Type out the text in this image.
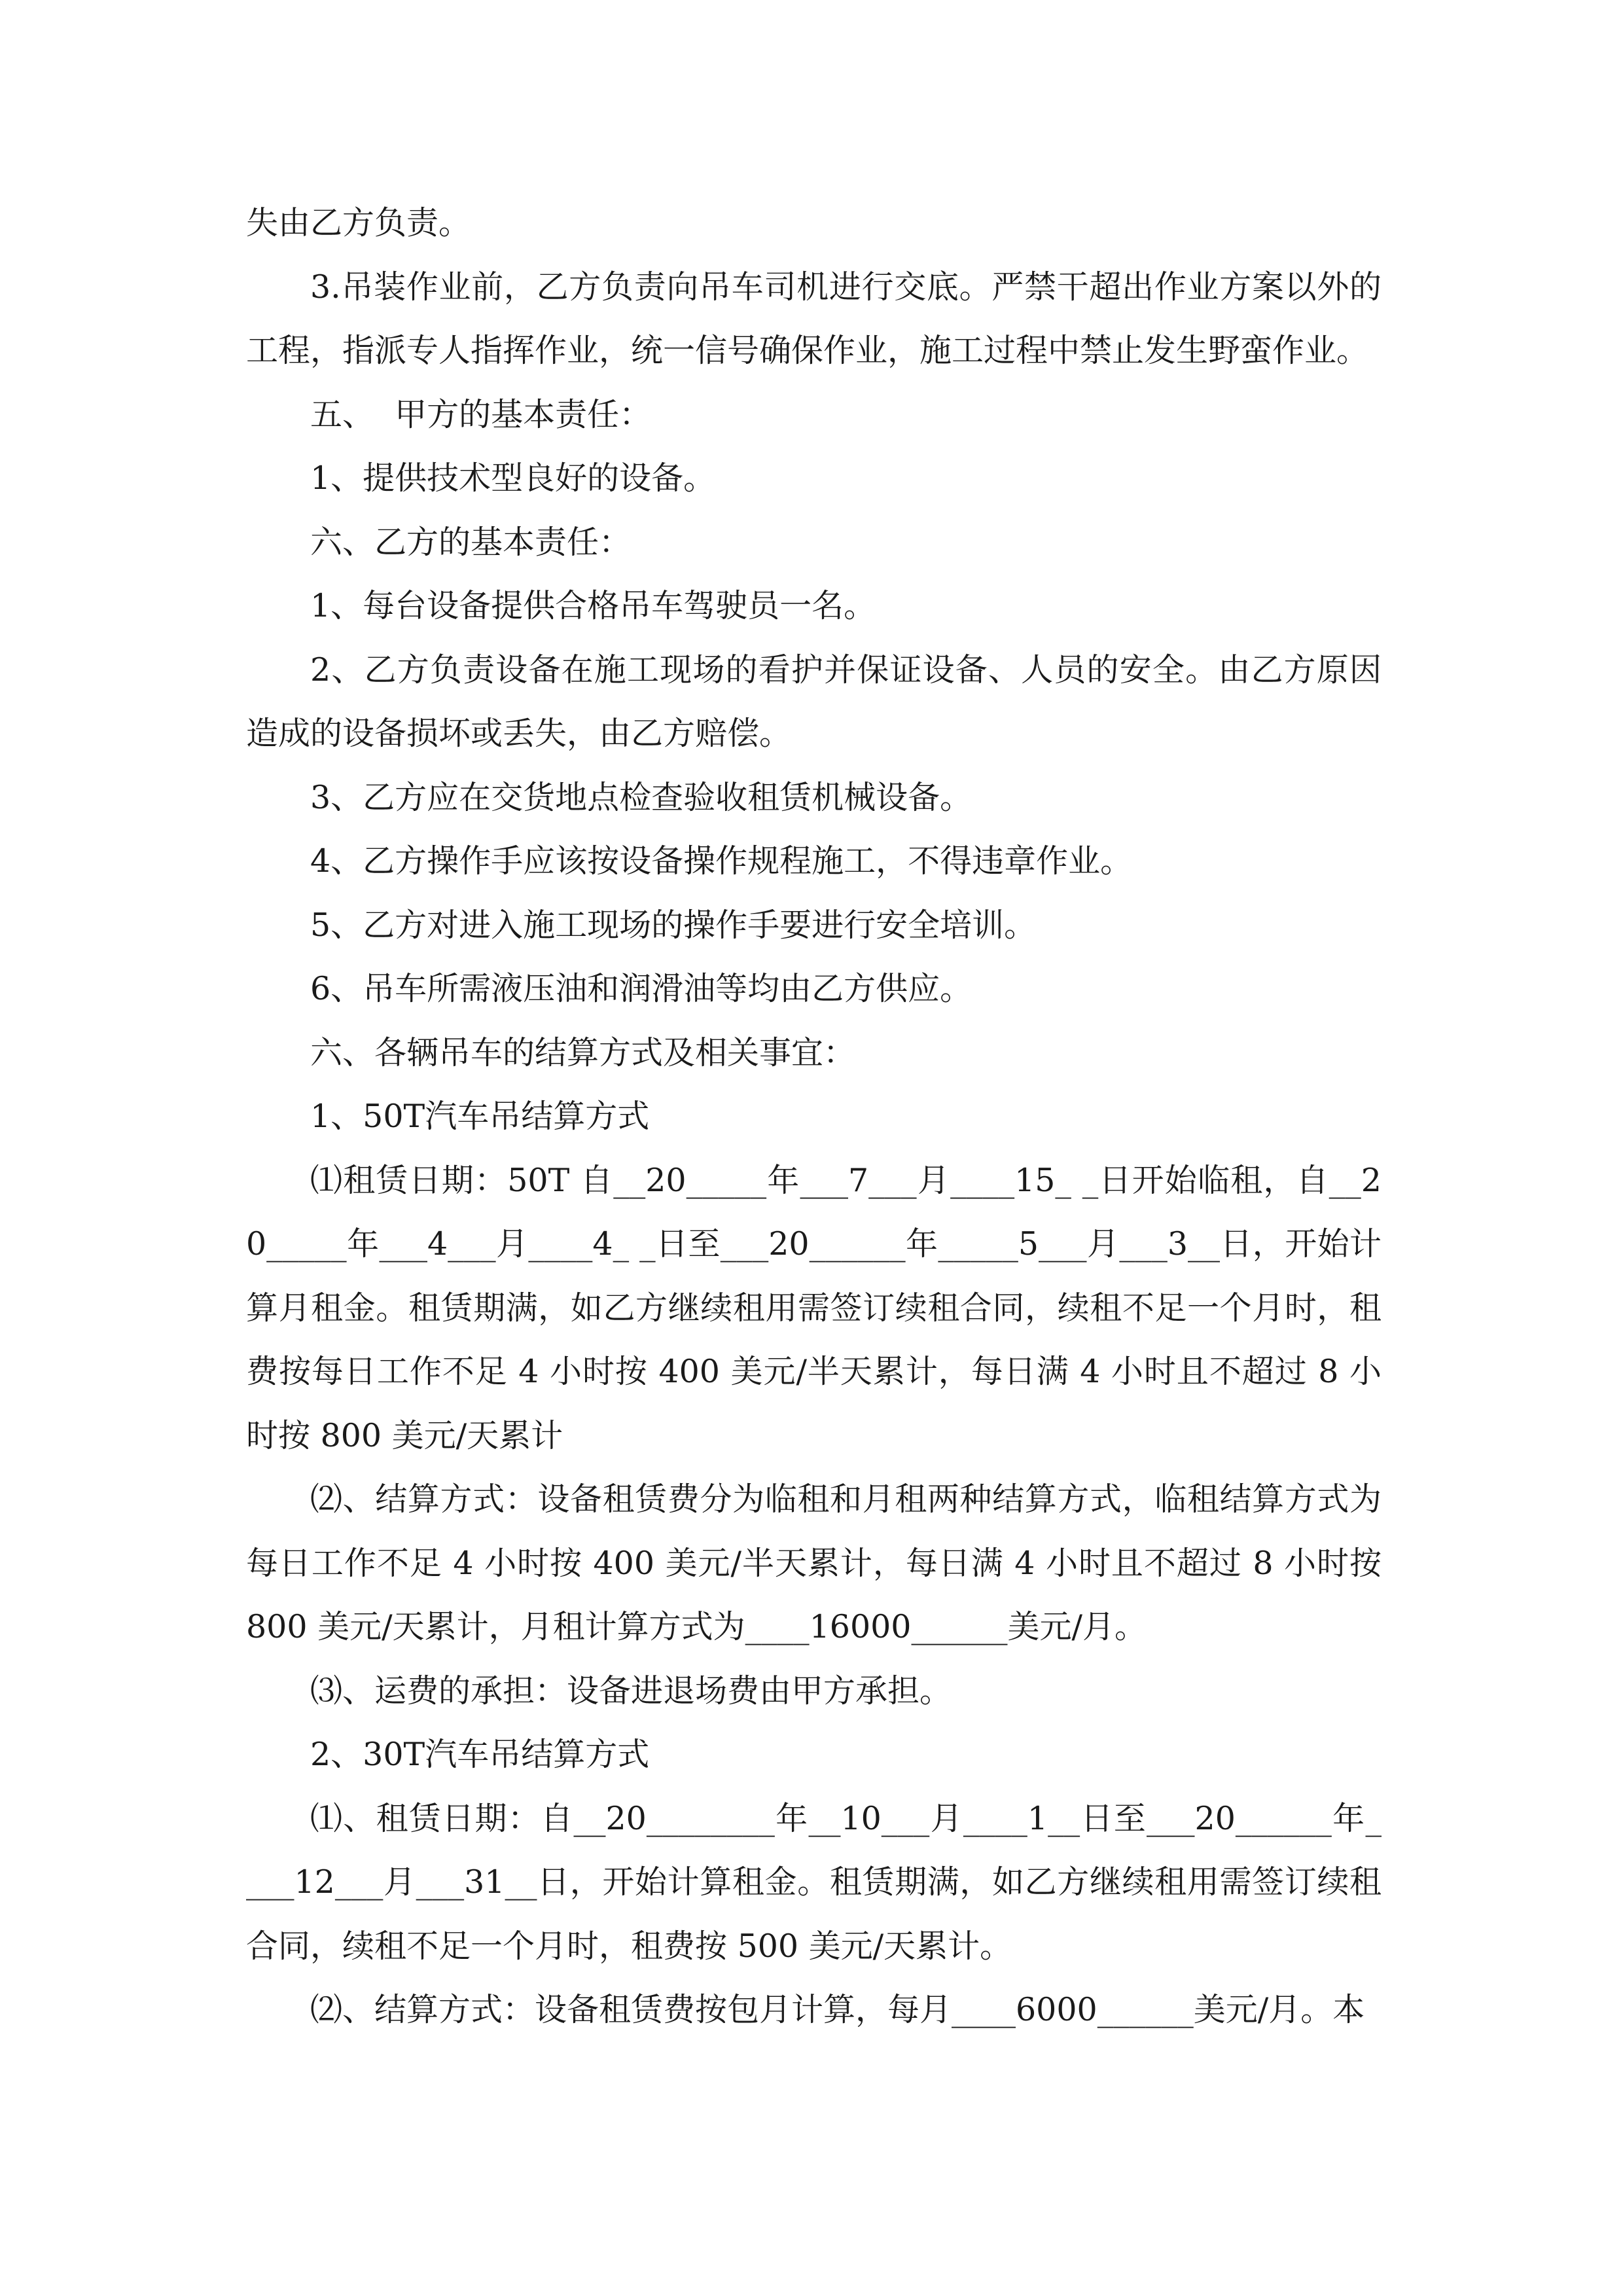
失由乙方负责。

3.吊装作业前，乙方负责向吊车司机进行交底。严禁干超出作业方案以外的工程，指派专人指挥作业，统一信号确保作业，施工过程中禁止发生野蛮作业。

五、  甲方的基本责任：

1、提供技术型良好的设备。

六、乙方的基本责任：

1、每台设备提供合格吊车驾驶员一名。

2、乙方负责设备在施工现场的看护并保证设备、人员的安全。由乙方原因造成的设备损坏或丢失，由乙方赔偿。

3、乙方应在交货地点检查验收租赁机械设备。

4、乙方操作手应该按设备操作规程施工，不得违章作业。

5、乙方对进入施工现场的操作手要进行安全培训。

6、吊车所需液压油和润滑油等均由乙方供应。

六、各辆吊车的结算方式及相关事宜：

1、50T汽车吊结算方式

⑴租赁日期：50T 自__20_____年___7___月____15_ _日开始临租，自__20_____年___4___月____4_ _日至___20______年_____5___月___3__日，开始计算月租金。租赁期满，如乙方继续租用需签订续租合同，续租不足一个月时，租费按每日工作不足 4 小时按 400 美元/半天累计，每日满 4 小时且不超过 8 小时按 800 美元/天累计

⑵、结算方式：设备租赁费分为临租和月租两种结算方式，临租结算方式为每日工作不足 4 小时按 400 美元/半天累计，每日满 4 小时且不超过 8 小时按 800 美元/天累计，月租计算方式为____16000______美元/月。

⑶、运费的承担：设备进退场费由甲方承担。

2、30T汽车吊结算方式

⑴、租赁日期：自__20________年__10___月____1__日至___20______年____12___月___31__日，开始计算租金。租赁期满，如乙方继续租用需签订续租合同，续租不足一个月时，租费按 500 美元/天累计。

⑵、结算方式：设备租赁费按包月计算，每月____6000______美元/月。本
